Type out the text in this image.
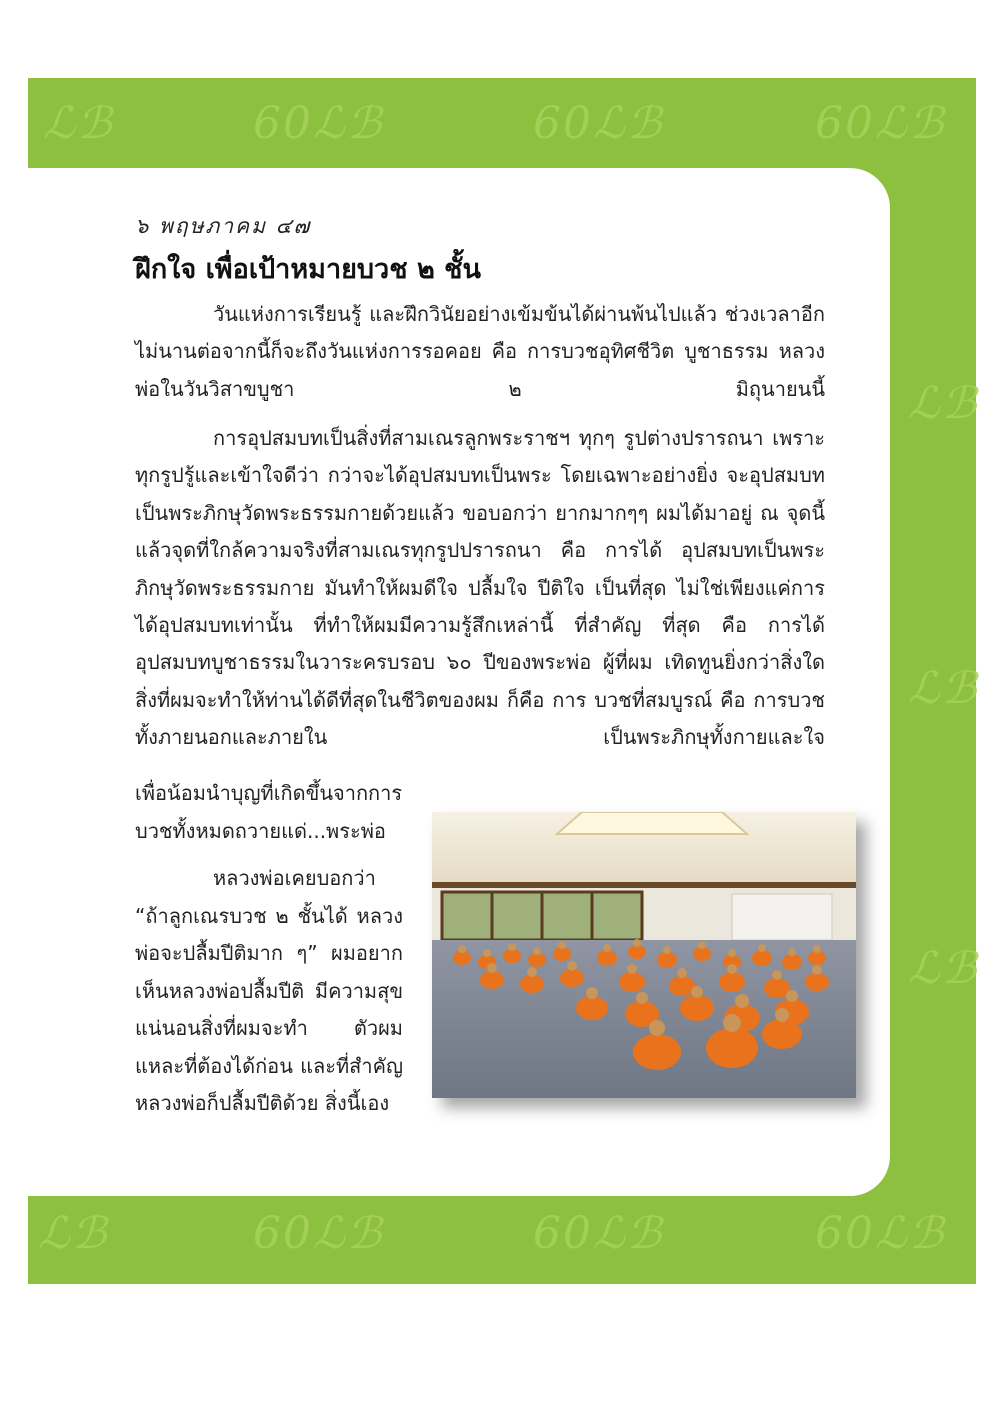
ℒℬ	60ℒℬ	60ℒℬ	60ℒℬ
ℒℬ
ℒℬ
ℒℬ
ℒℬ	60ℒℬ	60ℒℬ	60ℒℬ
๖ พฤษภาคม ๔๗
ฝึกใจ เพื่อเป้าหมายบวช ๒ ชั้น

วันแห่งการเรียนรู้ และฝึกวินัยอย่างเข้มข้นได้ผ่านพ้นไปแล้ว ช่วงเวลาอีกไม่นานต่อจากนี้ก็จะถึงวันแห่งการรอคอย คือ การบวชอุทิศชีวิต บูชาธรรม หลวงพ่อในวันวิสาขบูชา ๒ มิถุนายนนี้

การอุปสมบทเป็นสิ่งที่สามเณรลูกพระราชฯ ทุกๆ รูปต่างปรารถนา เพราะทุกรูปรู้และเข้าใจดีว่า กว่าจะได้อุปสมบทเป็นพระ โดยเฉพาะอย่างยิ่ง จะอุปสมบทเป็นพระภิกษุวัดพระธรรมกายด้วยแล้ว ขอบอกว่า ยากมากๆๆ ผมได้มาอยู่ ณ จุดนี้แล้วจุดที่ใกล้ความจริงที่สามเณรทุกรูปปรารถนา คือ การได้ อุปสมบทเป็นพระภิกษุวัดพระธรรมกาย มันทำให้ผมดีใจ ปลื้มใจ ปีติใจ เป็นที่สุด ไม่ใช่เพียงแค่การได้อุปสมบทเท่านั้น ที่ทำให้ผมมีความรู้สึกเหล่านี้ ที่สำคัญ ที่สุด คือ การได้อุปสมบทบูชาธรรมในวาระครบรอบ ๖๐ ปีของพระพ่อ ผู้ที่ผม เทิดทูนยิ่งกว่าสิ่งใด สิ่งที่ผมจะทำให้ท่านได้ดีที่สุดในชีวิตของผม ก็คือ การ บวชที่สมบูรณ์ คือ การบวชทั้งภายนอกและภายใน เป็นพระภิกษุทั้งกายและใจ

เพื่อน้อมนำบุญที่เกิดขึ้นจากการบวชทั้งหมดถวายแด่...พระพ่อ

หลวงพ่อเคยบอกว่า “ถ้าลูกเณรบวช ๒ ชั้นได้ หลวงพ่อจะปลื้มปีติมาก ๆ” ผมอยากเห็นหลวงพ่อปลื้มปีติ มีความสุข แน่นอนสิ่งที่ผมจะทำ ตัวผมแหละที่ต้องได้ก่อน และที่สำคัญ หลวงพ่อก็ปลื้มปีติด้วย สิ่งนี้เอง
